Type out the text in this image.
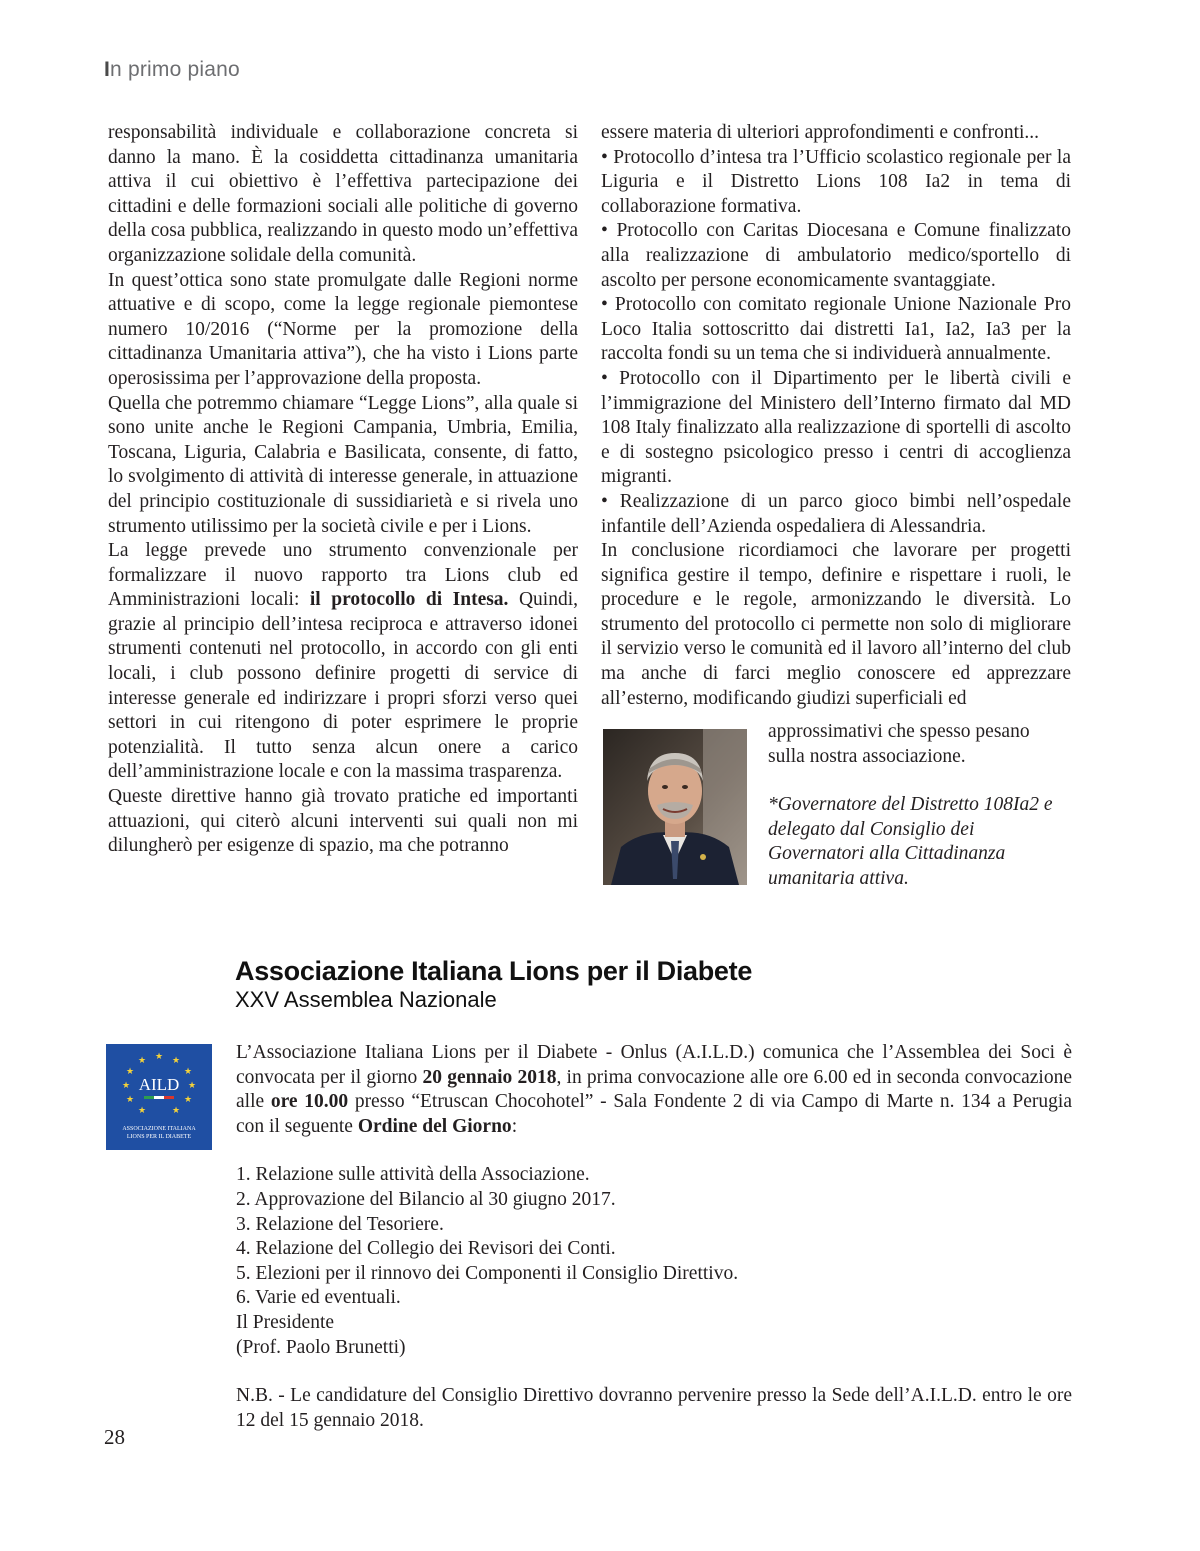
In primo piano

responsabilità individuale e collaborazione concreta si danno la mano. È la cosiddetta cittadinanza umanitaria attiva il cui obiettivo è l’effettiva partecipazione dei cittadini e delle formazioni sociali alle politiche di governo della cosa pubblica, realizzando in questo modo un’effettiva organizzazione solidale della comunità.

In quest’ottica sono state promulgate dalle Regioni norme attuative e di scopo, come la legge regionale piemontese numero 10/2016 (“Norme per la promozione della cittadinanza Umanitaria attiva”), che ha visto i Lions parte operosissima per l’approvazione della proposta.

Quella che potremmo chiamare “Legge Lions”, alla quale si sono unite anche le Regioni Campania, Umbria, Emilia, Toscana, Liguria, Calabria e Basilicata, consente, di fatto, lo svolgimento di attività di interesse generale, in attuazione del principio costituzionale di sussidiarietà e si rivela uno strumento utilissimo per la società civile e per i Lions.

La legge prevede uno strumento convenzionale per formalizzare il nuovo rapporto tra Lions club ed Amministrazioni locali: il protocollo di Intesa. Quindi, grazie al principio dell’intesa reciproca e attraverso idonei strumenti contenuti nel protocollo, in accordo con gli enti locali, i club possono definire progetti di service di interesse generale ed indirizzare i propri sforzi verso quei settori in cui ritengono di poter esprimere le proprie potenzialità. Il tutto senza alcun onere a carico dell’amministrazione locale e con la massima trasparenza.

Queste direttive hanno già trovato pratiche ed importanti attuazioni, qui citerò alcuni interventi sui quali non mi dilungherò per esigenze di spazio, ma che potranno

essere materia di ulteriori approfondimenti e confronti...

• Protocollo d’intesa tra l’Ufficio scolastico regionale per la Liguria e il Distretto Lions 108 Ia2 in tema di collaborazione formativa.

• Protocollo con Caritas Diocesana e Comune finalizzato alla realizzazione di ambulatorio medico/sportello di ascolto per persone economicamente svantaggiate.

• Protocollo con comitato regionale Unione Nazionale Pro Loco Italia sottoscritto dai distretti Ia1, Ia2, Ia3 per la raccolta fondi su un tema che si individuerà annualmente.

• Protocollo con il Dipartimento per le libertà civili e l’immigrazione del Ministero dell’Interno firmato dal MD 108 Italy finalizzato alla realizzazione di sportelli di ascolto e di sostegno psicologico presso i centri di accoglienza migranti.

• Realizzazione di un parco gioco bimbi nell’ospedale infantile dell’Azienda ospedaliera di Alessandria.

In conclusione ricordiamoci che lavorare per progetti significa gestire il tempo, definire e rispettare i ruoli, le procedure e le regole, armonizzando le diversità. Lo strumento del protocollo ci permette non solo di migliorare il servizio verso le comunità ed il lavoro all’interno del club ma anche di farci meglio conoscere ed apprezzare all’esterno, modificando giudizi superficiali ed

approssimativi che spesso pesano sulla nostra associazione.

*Governatore del Distretto 108Ia2 e delegato dal Consiglio dei Governatori alla Cittadinanza umanitaria attiva.

Associazione Italiana Lions per il Diabete
XXV Assemblea Nazionale
★ ★
★
★
★
★
★
★
★
★
★
AILD
ASSOCIAZIONE ITALIANA
LIONS PER IL DIABETE

L’Associazione Italiana Lions per il Diabete - Onlus (A.I.L.D.) comunica che l’Assemblea dei Soci è convocata per il giorno 20 gennaio 2018, in prima convocazione alle ore 6.00 ed in seconda convocazione alle ore 10.00 presso “Etruscan Chocohotel” - Sala Fondente 2 di via Campo di Marte n. 134 a Perugia con il seguente Ordine del Giorno:

1. Relazione sulle attività della Associazione.
2. Approvazione del Bilancio al 30 giugno 2017.
3. Relazione del Tesoriere.
4. Relazione del Collegio dei Revisori dei Conti.
5. Elezioni per il rinnovo dei Componenti il Consiglio Direttivo.
6. Varie ed eventuali.
Il Presidente
(Prof. Paolo Brunetti)

N.B. - Le candidature del Consiglio Direttivo dovranno pervenire presso la Sede dell’A.I.L.D. entro le ore 12 del 15 gennaio 2018.

28
